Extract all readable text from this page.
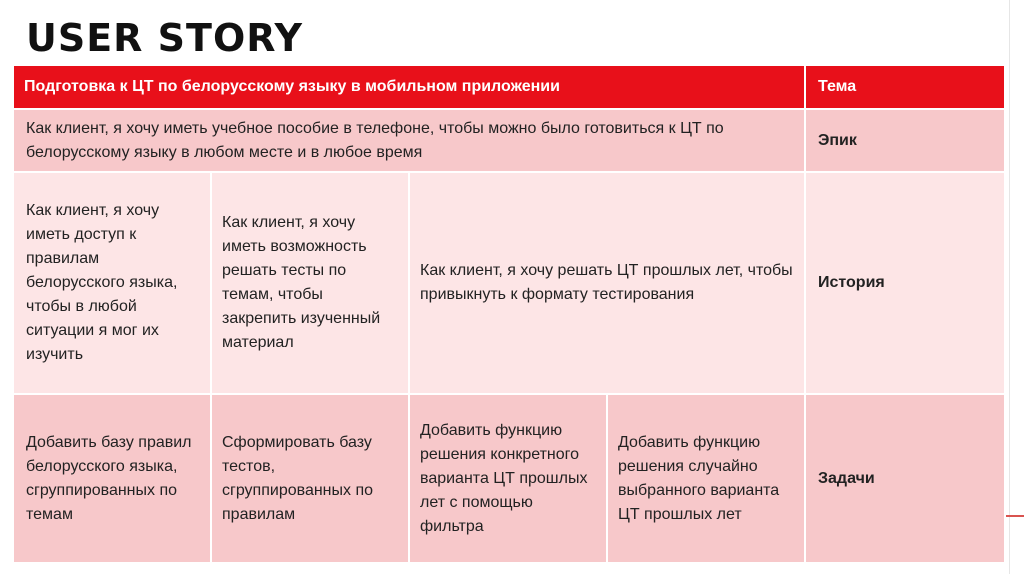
USER STORY
Подготовка к ЦТ по белорусскому языку в мобильном приложении	Тема
Как клиент, я хочу иметь учебное пособие в телефоне, чтобы можно было готовиться к ЦТ по белорусскому языку в любом месте и в любое время
Эпик
Как клиент, я хочу иметь доступ к правилам белорусского языка, чтобы в любой ситуации я мог их изучить
Как клиент, я хочу иметь возможность решать тесты по темам, чтобы закрепить изученный материал
Как клиент, я хочу решать ЦТ прошлых лет, чтобы привыкнуть к формату тестирования
История
Добавить базу правил белорусского языка, сгруппированных по темам
Сформировать базу тестов, сгруппированных по правилам
Добавить функцию решения конкретного варианта ЦТ прошлых лет с помощью фильтра
Добавить функцию решения случайно выбранного варианта ЦТ прошлых лет
Задачи
